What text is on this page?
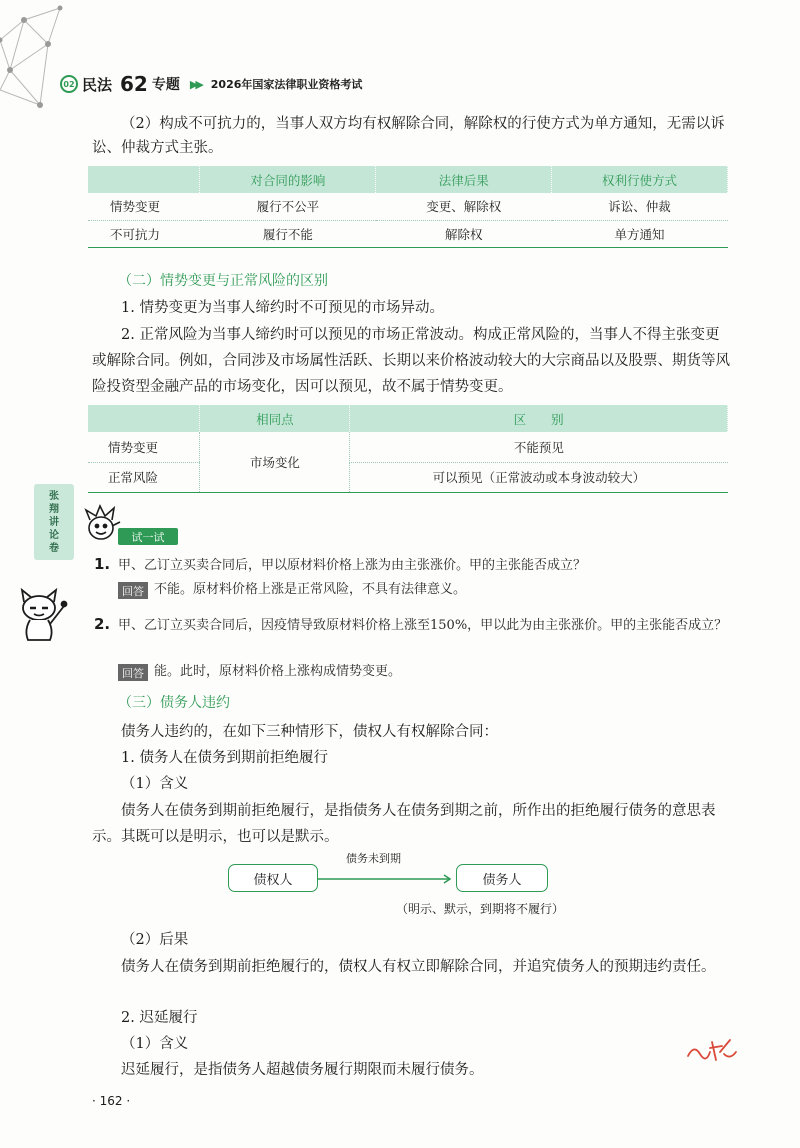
02 民法 62 专题 ▶▶ 2026年国家法律职业资格考试
（2）构成不可抗力的，当事人双方均有权解除合同，解除权的行使方式为单方通知，无需以诉讼、仲裁方式主张。
	对合同的影响	法律后果	权利行使方式
情势变更	履行不公平	变更、解除权	诉讼、仲裁
不可抗力	履行不能	解除权	单方通知
（二）情势变更与正常风险的区别
1. 情势变更为当事人缔约时不可预见的市场异动。
2. 正常风险为当事人缔约时可以预见的市场正常波动。构成正常风险的，当事人不得主张变更或解除合同。例如，合同涉及市场属性活跃、长期以来价格波动较大的大宗商品以及股票、期货等风险投资型金融产品的市场变化，因可以预见，故不属于情势变更。
	相同点	区　　别
情势变更	市场变化	不能预见
正常风险		可以预见（正常波动或本身波动较大）
张
翔
讲
论
卷
试一试
1. 甲、乙订立买卖合同后，甲以原材料价格上涨为由主张涨价。甲的主张能否成立？
回答 不能。原材料价格上涨是正常风险，不具有法律意义。
2. 甲、乙订立买卖合同后，因疫情导致原材料价格上涨至150%，甲以此为由主张涨价。甲的主张能否成立？
回答 能。此时，原材料价格上涨构成情势变更。
（三）债务人违约
债务人违约的，在如下三种情形下，债权人有权解除合同：
1. 债务人在债务到期前拒绝履行
（1）含义
债务人在债务到期前拒绝履行，是指债务人在债务到期之前，所作出的拒绝履行债务的意思表示。其既可以是明示，也可以是默示。
债权人	债务人
债务未到期
（明示、默示，到期将不履行）
（2）后果
债务人在债务到期前拒绝履行的，债权人有权立即解除合同，并追究债务人的预期违约责任。
2. 迟延履行
（1）含义
迟延履行，是指债务人超越债务履行期限而未履行债务。
· 162 ·
